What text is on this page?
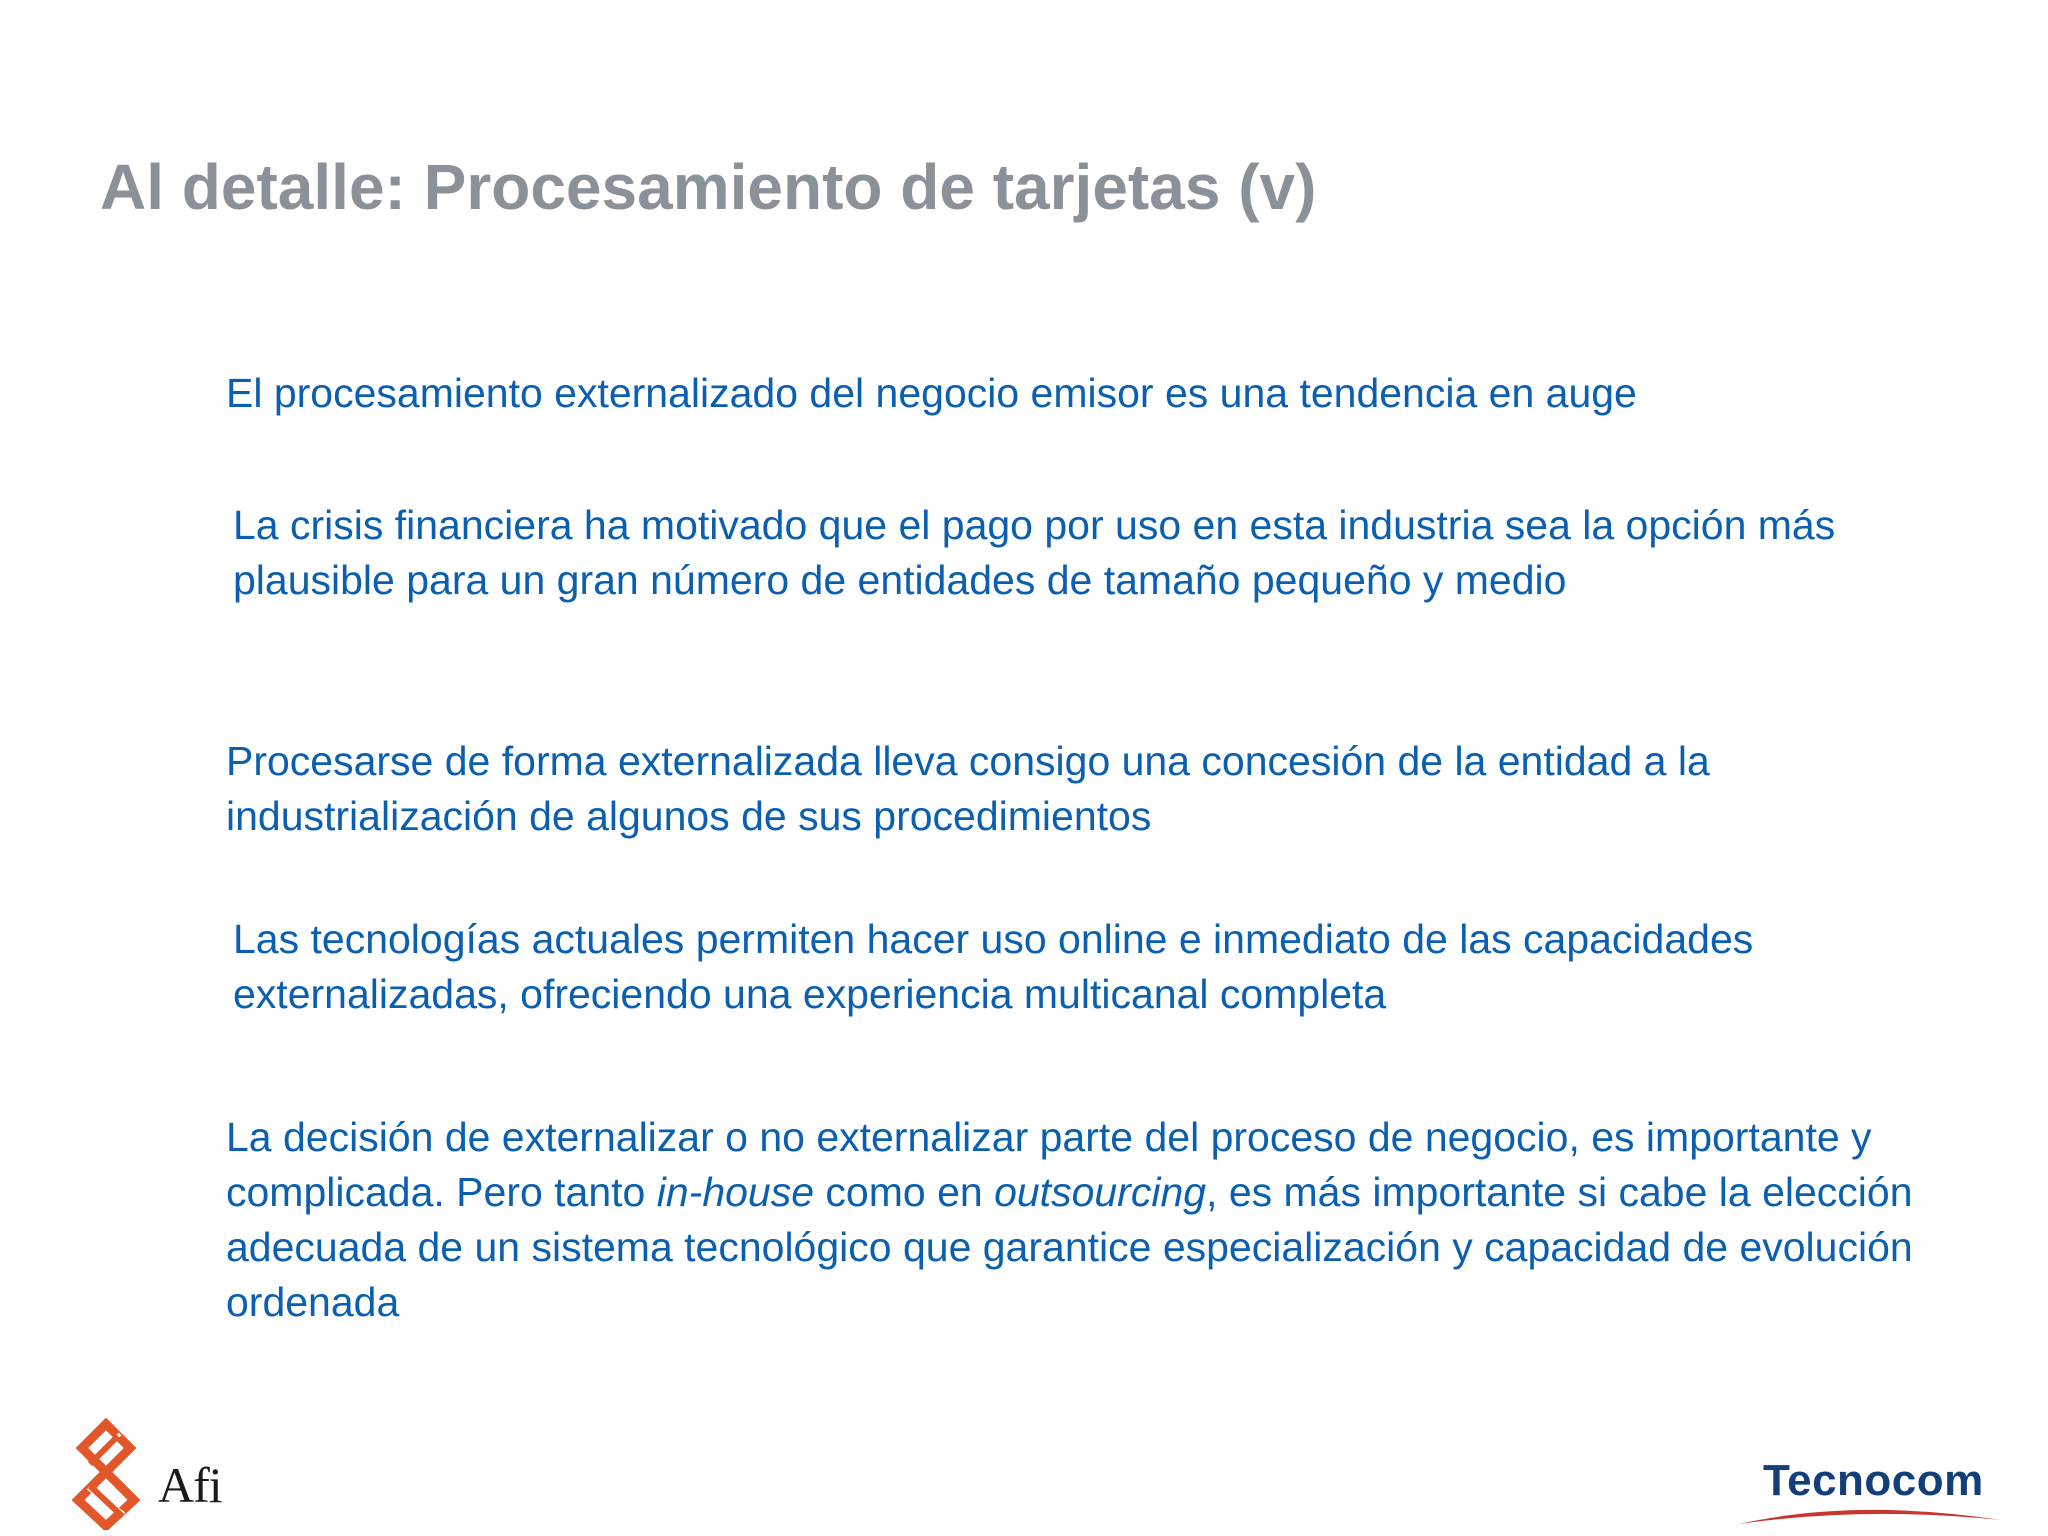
Al detalle: Procesamiento de tarjetas (v)

El procesamiento externalizado del negocio emisor es una tendencia en auge

La crisis financiera ha motivado que el pago por uso en esta industria sea la opción más plausible para un gran número de entidades de tamaño pequeño y medio

Procesarse de forma externalizada lleva consigo una concesión de la entidad a la industrialización de algunos de sus procedimientos

Las tecnologías actuales permiten hacer uso online e inmediato de las capacidades externalizadas, ofreciendo una experiencia multicanal completa

La decisión de externalizar o no externalizar parte del proceso de negocio, es importante y complicada. Pero tanto in-house como en outsourcing, es más importante si cabe la elección adecuada de un sistema tecnológico que garantice especialización y capacidad de evolución ordenada

Afi	Tecnocom
